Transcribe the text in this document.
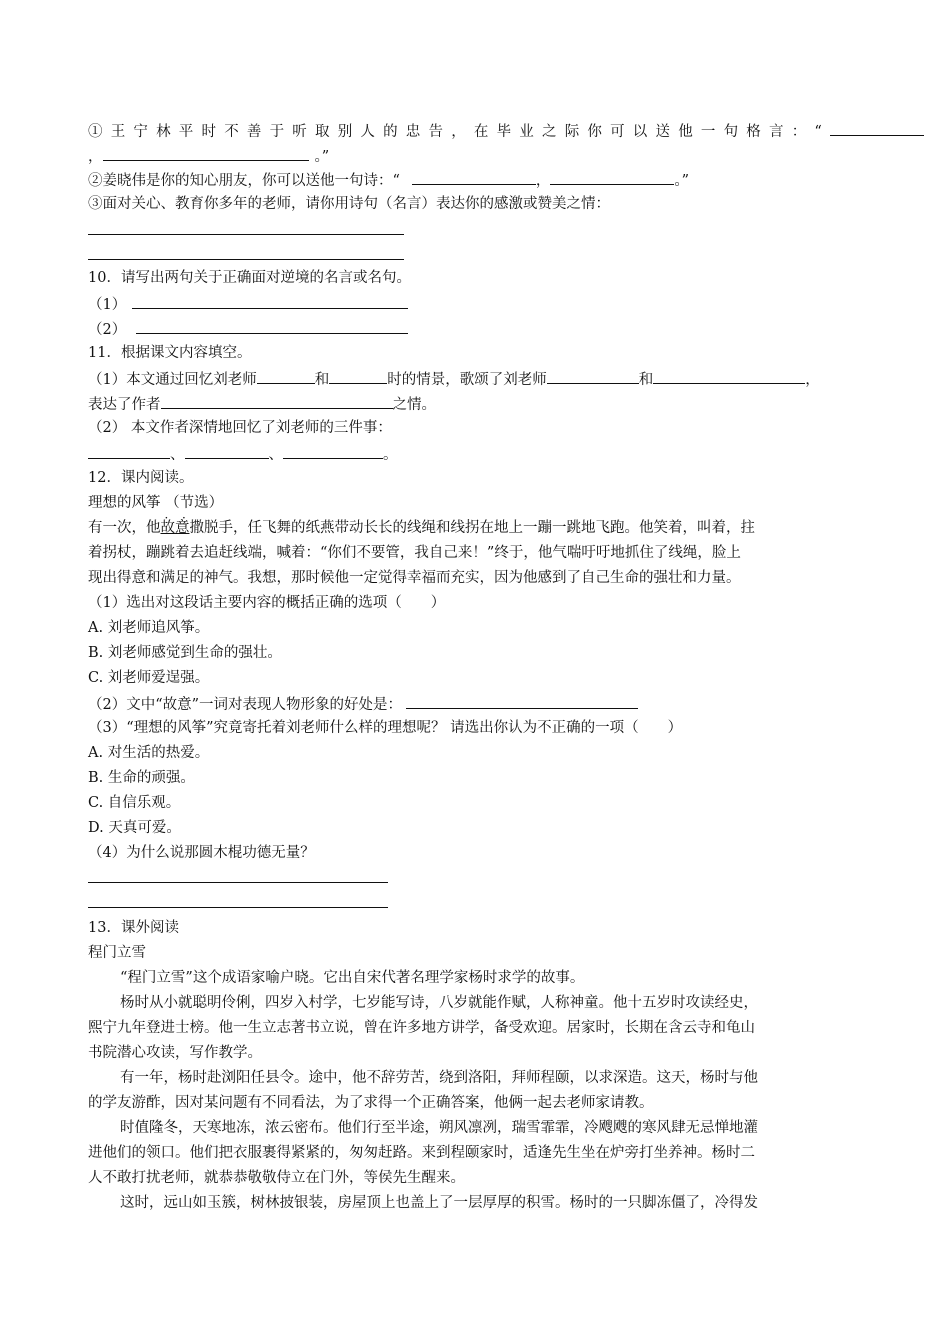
①王宁林平时不善于听取别人的忠告，在毕业之际你可以送他一句格言：“
，	。”
②姜晓伟是你的知心朋友，你可以送他一句诗：“	，	。”
③面对关心、教育你多年的老师，请你用诗句（名言）表达你的感激或赞美之情：
10．请写出两句关于正确面对逆境的名言或名句。
（1）
（2）
11．根据课文内容填空。
（1）本文通过回忆刘老师	和	时的情景，歌颂了刘老师	和	，
表达了作者	之情。
（2） 本文作者深情地回忆了刘老师的三件事：
、	、	。
12．课内阅读。
理想的风筝 （节选）
有一次，他故意 · ·撒脱手，任飞舞的纸燕带动长长的线绳和线拐在地上一蹦一跳地飞跑。他笑着，叫着，拄
着拐杖，蹦跳着去追赶线端，喊着：“你们不要管，我自己来！”终于，他气喘吁吁地抓住了线绳，脸上
现出得意和满足的神气。我想，那时候他一定觉得幸福而充实，因为他感到了自己生命的强壮和力量。
（1）选出对这段话主要内容的概括正确的选项（　　）
A. 刘老师追风筝。
B. 刘老师感觉到生命的强壮。
C. 刘老师爱逞强。
（2）文中“故意”一词对表现人物形象的好处是：
（3）“理想的风筝”究竟寄托着刘老师什么样的理想呢？ 请选出你认为不正确的一项（　　）
A. 对生活的热爱。
B. 生命的顽强。
C. 自信乐观。
D. 天真可爱。
（4）为什么说那圆木棍功德无量？
13．课外阅读
程门立雪
“程门立雪”这个成语家喻户晓。它出自宋代著名理学家杨时求学的故事。
杨时从小就聪明伶俐，四岁入村学，七岁能写诗，八岁就能作赋，人称神童。他十五岁时攻读经史，
熙宁九年登进士榜。他一生立志著书立说，曾在许多地方讲学，备受欢迎。居家时，长期在含云寺和龟山
书院潜心攻读，写作教学。
有一年，杨时赴浏阳任县令。途中，他不辞劳苦，绕到洛阳，拜师程颐，以求深造。这天，杨时与他
的学友游酢，因对某问题有不同看法，为了求得一个正确答案，他俩一起去老师家请教。
时值隆冬，天寒地冻，浓云密布。他们行至半途，朔风凛冽，瑞雪霏霏，冷飕飕的寒风肆无忌惮地灌
进他们的领口。他们把衣服裹得紧紧的，匆匆赶路。来到程颐家时，适逢先生坐在炉旁打坐养神。杨时二
人不敢打扰老师，就恭恭敬敬侍立在门外，等侯先生醒来。
这时，远山如玉簇，树林披银装，房屋顶上也盖上了一层厚厚的积雪。杨时的一只脚冻僵了，冷得发
